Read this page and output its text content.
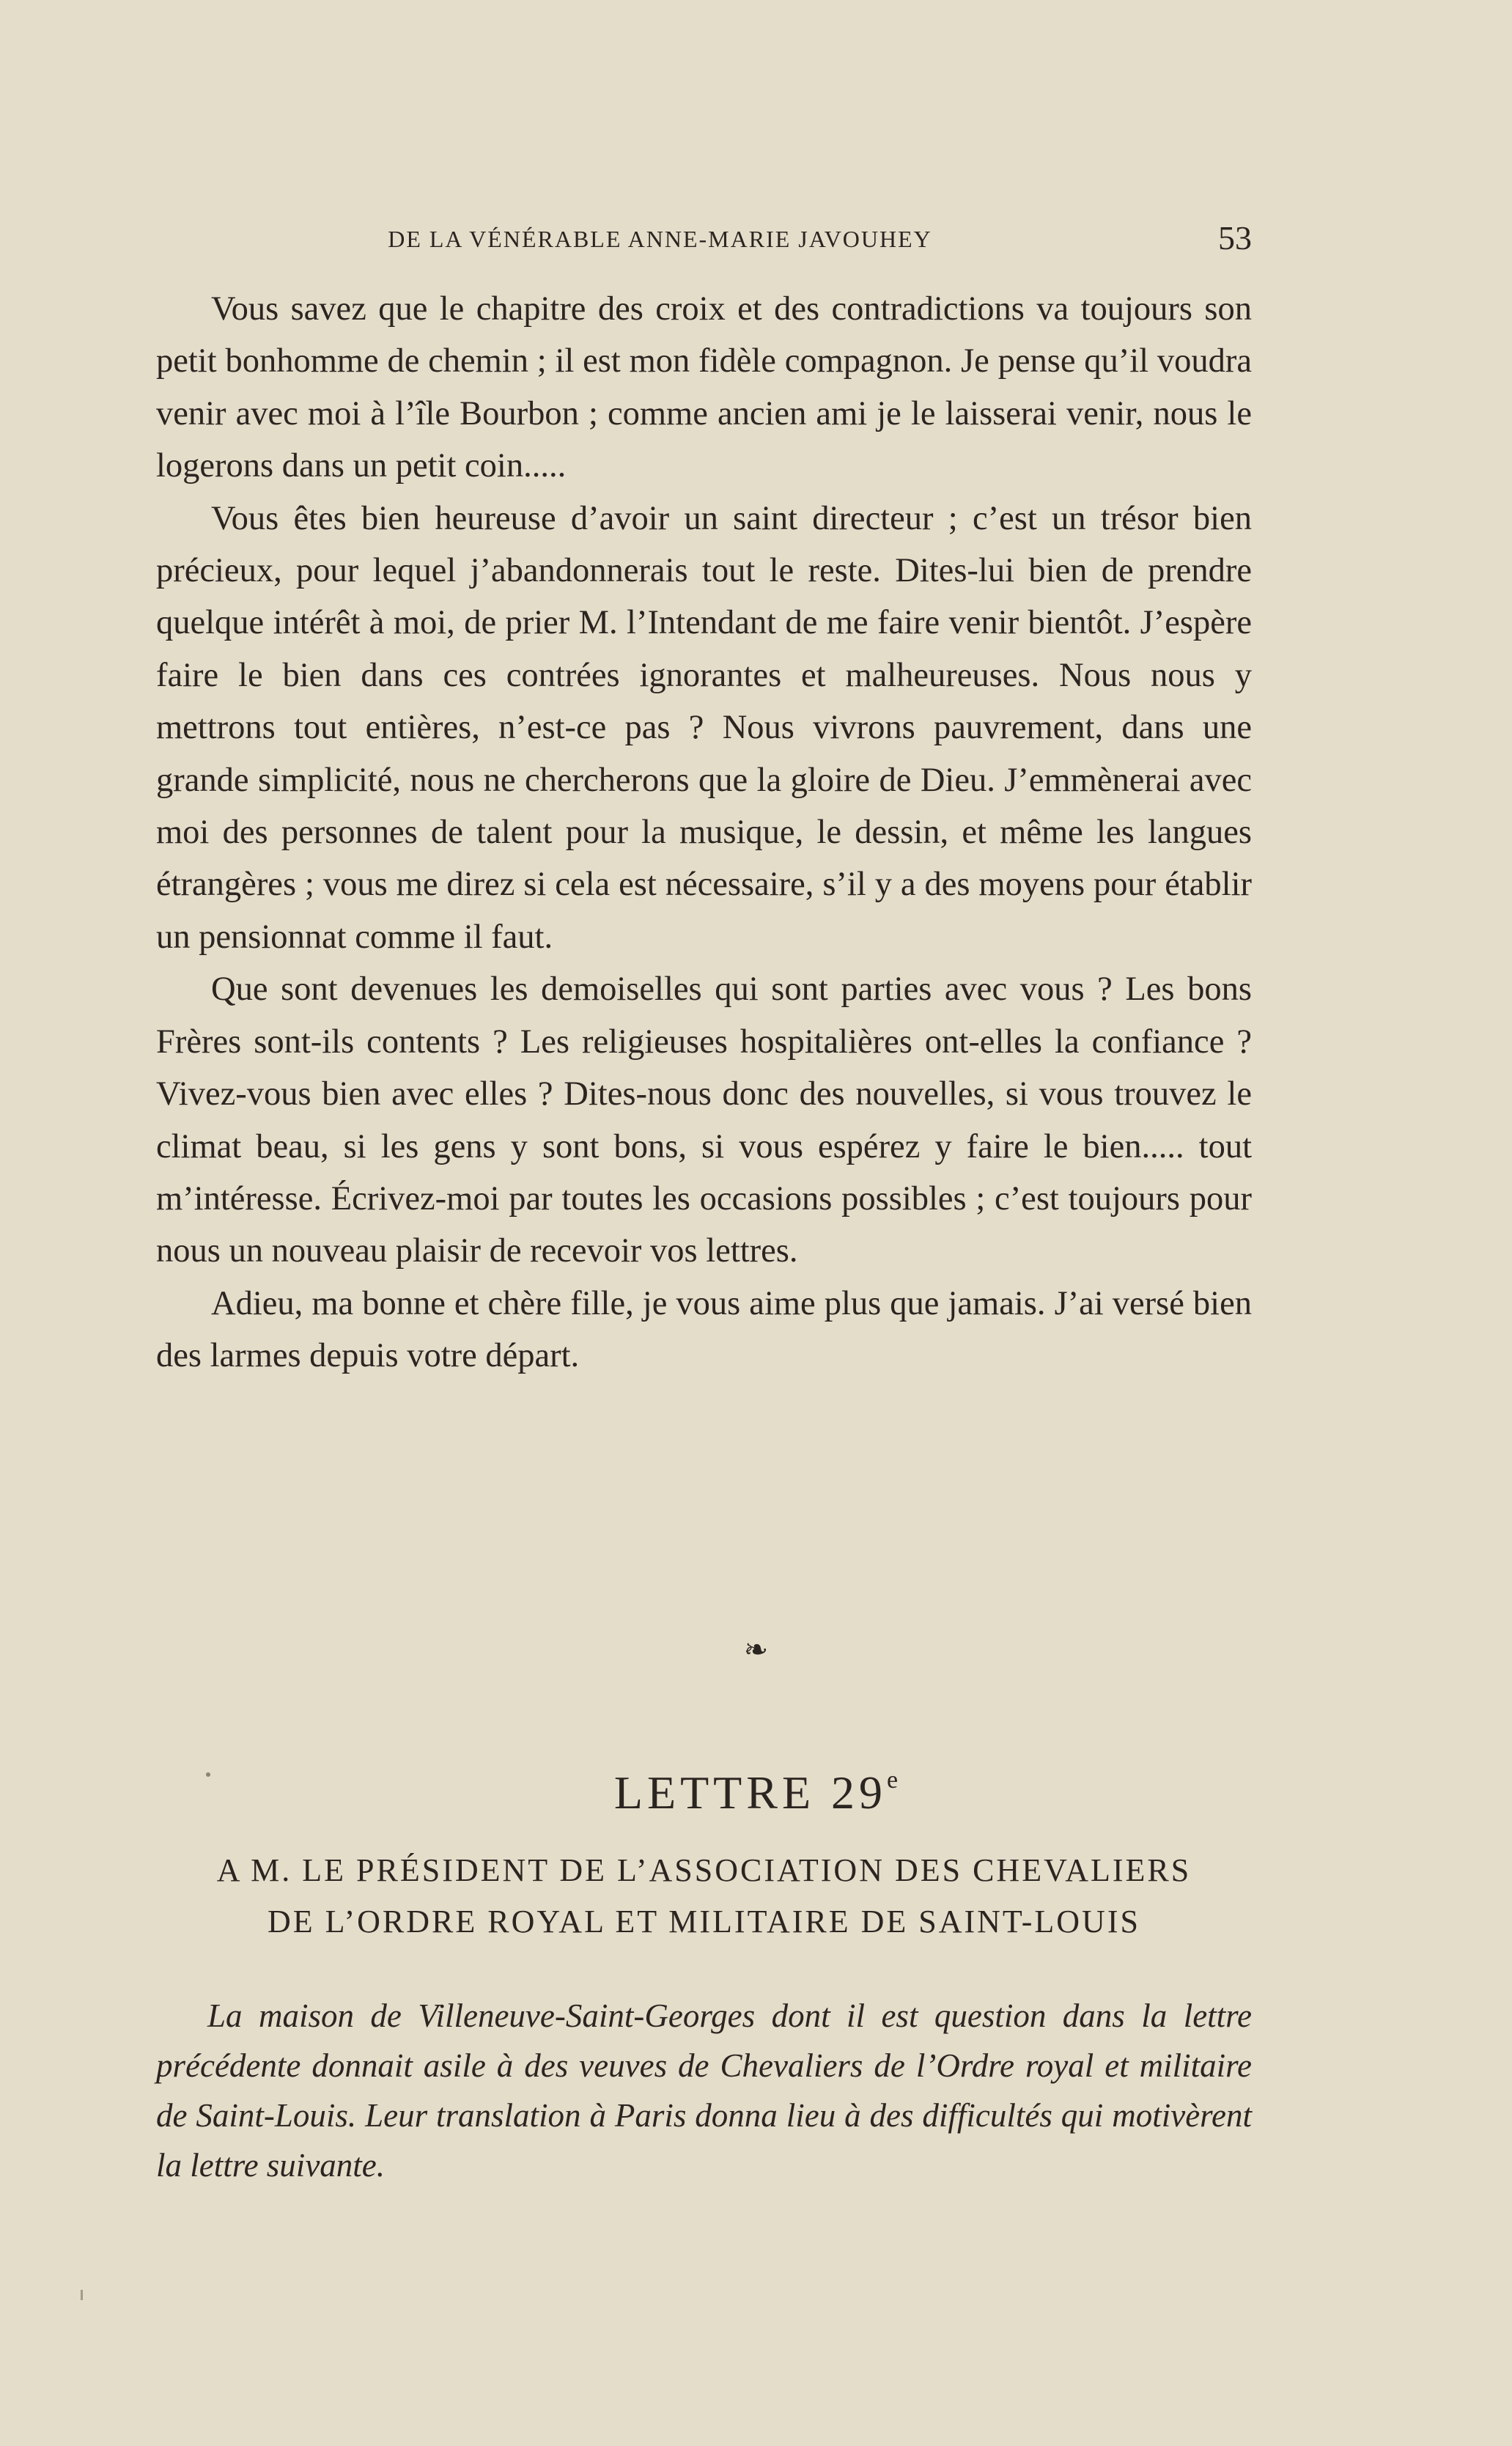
DE LA VÉNÉRABLE ANNE-MARIE JAVOUHEY	53

Vous savez que le chapitre des croix et des contradictions va toujours son petit bonhomme de chemin ; il est mon fidèle compagnon. Je pense qu’il voudra venir avec moi à l’île Bourbon ; comme ancien ami je le laisserai venir, nous le logerons dans un petit coin.....

Vous êtes bien heureuse d’avoir un saint directeur ; c’est un trésor bien précieux, pour lequel j’abandonnerais tout le reste. Dites-lui bien de prendre quelque intérêt à moi, de prier M. l’Intendant de me faire venir bientôt. J’espère faire le bien dans ces contrées ignorantes et malheureuses. Nous nous y mettrons tout entières, n’est-ce pas ? Nous vivrons pauvrement, dans une grande simplicité, nous ne chercherons que la gloire de Dieu. J’emmènerai avec moi des personnes de talent pour la musique, le dessin, et même les langues étrangères ; vous me direz si cela est nécessaire, s’il y a des moyens pour établir un pensionnat comme il faut.

Que sont devenues les demoiselles qui sont parties avec vous ? Les bons Frères sont-ils contents ? Les religieuses hospitalières ont-elles la confiance ? Vivez-vous bien avec elles ? Dites-nous donc des nouvelles, si vous trouvez le climat beau, si les gens y sont bons, si vous espérez y faire le bien..... tout m’intéresse. Écrivez-moi par toutes les occasions possibles ; c’est toujours pour nous un nouveau plaisir de recevoir vos lettres.

Adieu, ma bonne et chère fille, je vous aime plus que jamais. J’ai versé bien des larmes depuis votre départ.

❧
LETTRE 29e
A M. LE PRÉSIDENT DE L’ASSOCIATION DES CHEVALIERS
DE L’ORDRE ROYAL ET MILITAIRE DE SAINT-LOUIS

La maison de Villeneuve-Saint-Georges dont il est question dans la lettre précédente donnait asile à des veuves de Chevaliers de l’Ordre royal et militaire de Saint-Louis. Leur translation à Paris donna lieu à des difficultés qui motivèrent la lettre suivante.
